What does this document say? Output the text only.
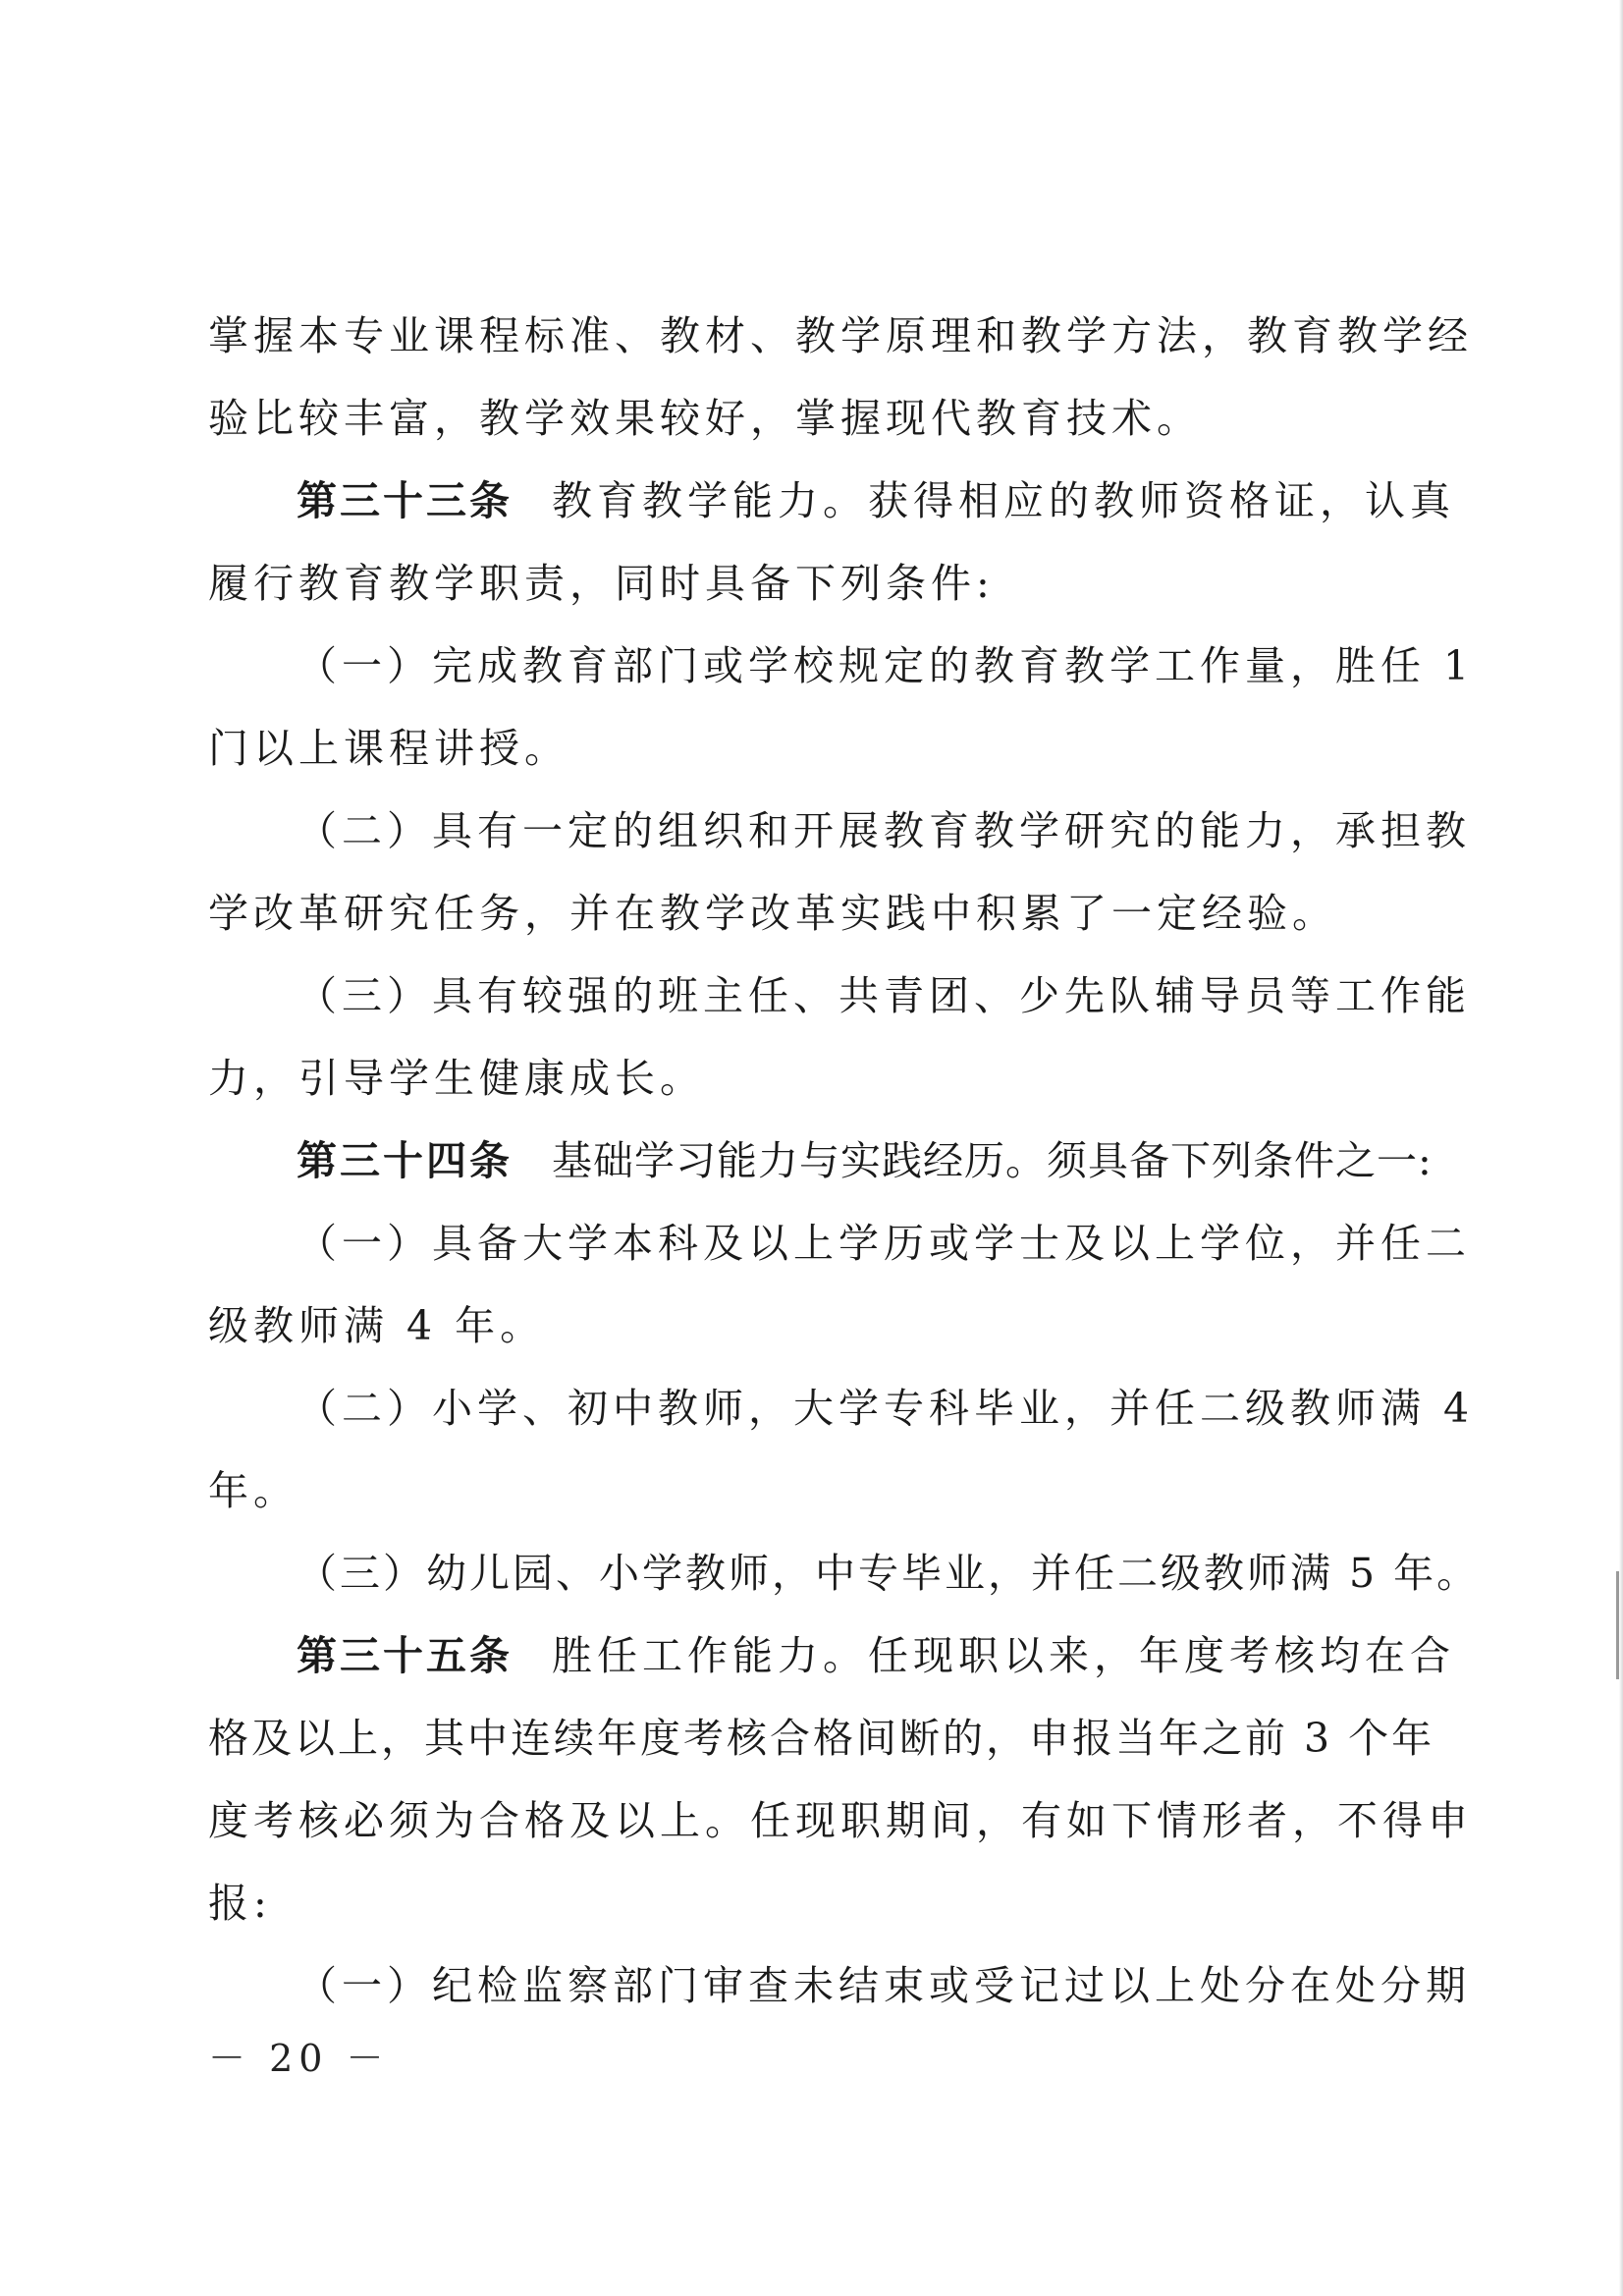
掌握本专业课程标准、教材、教学原理和教学方法，教育教学经
验比较丰富，教学效果较好，掌握现代教育技术。
第三十三条 教育教学能力。获得相应的教师资格证，认真
履行教育教学职责，同时具备下列条件:
（一）完成教育部门或学校规定的教育教学工作量，胜任 1
门以上课程讲授。
（二）具有一定的组织和开展教育教学研究的能力，承担教
学改革研究任务，并在教学改革实践中积累了一定经验。
（三）具有较强的班主任、共青团、少先队辅导员等工作能
力，引导学生健康成长。
第三十四条 基础学习能力与实践经历。须具备下列条件之一:
（一）具备大学本科及以上学历或学士及以上学位，并任二
级教师满 4 年。
（二）小学、初中教师，大学专科毕业，并任二级教师满 4
年。
（三）幼儿园、小学教师，中专毕业，并任二级教师满 5 年。
第三十五条 胜任工作能力。任现职以来，年度考核均在合
格及以上，其中连续年度考核合格间断的，申报当年之前 3 个年
度考核必须为合格及以上。任现职期间，有如下情形者，不得申
报:
（一）纪检监察部门审查未结束或受记过以上处分在处分期
－ 20 －
